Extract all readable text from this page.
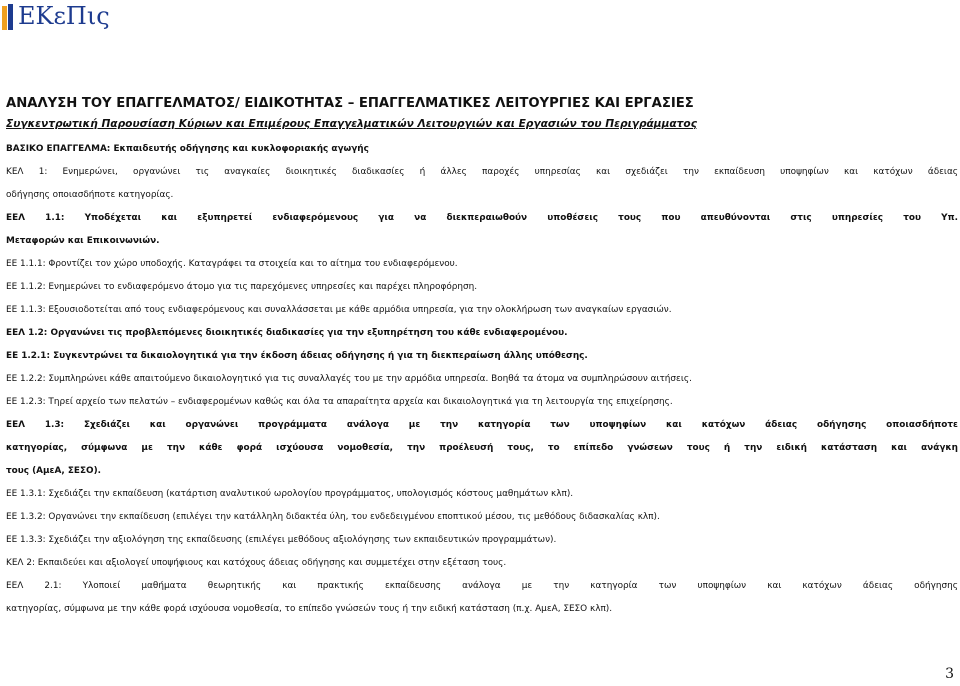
ΕΚεΠις
ΑΝΑΛΥΣΗ ΤΟΥ ΕΠΑΓΓΕΛΜΑΤΟΣ/ ΕΙΔΙΚΟΤΗΤΑΣ – ΕΠΑΓΓΕΛΜΑΤΙΚΕΣ ΛΕΙΤΟΥΡΓΙΕΣ ΚΑΙ ΕΡΓΑΣΙΕΣ
Συγκεντρωτική Παρουσίαση Κύριων και Επιμέρους Επαγγελματικών Λειτουργιών και Εργασιών του Περιγράμματος
ΒΑΣΙΚΟ ΕΠΑΓΓΕΛΜΑ: Εκπαιδευτής οδήγησης και κυκλοφοριακής αγωγής
ΚΕΛ 1: Ενημερώνει, οργανώνει τις αναγκαίες διοικητικές διαδικασίες ή άλλες παροχές υπηρεσίας και σχεδιάζει την εκπαίδευση υποψηφίων και κατόχων άδειας
οδήγησης οποιασδήποτε κατηγορίας.
ΕΕΛ 1.1: Υποδέχεται και εξυπηρετεί ενδιαφερόμενους για να διεκπεραιωθούν υποθέσεις τους που απευθύνονται στις υπηρεσίες του Υπ.
Μεταφορών και Επικοινωνιών.
ΕΕ 1.1.1: Φροντίζει τον χώρο υποδοχής. Καταγράφει τα στοιχεία και το αίτημα του ενδιαφερόμενου.
ΕΕ 1.1.2: Ενημερώνει το ενδιαφερόμενο άτομο για τις παρεχόμενες υπηρεσίες και παρέχει πληροφόρηση.
ΕΕ 1.1.3: Εξουσιοδοτείται από τους ενδιαφερόμενους και συναλλάσσεται με κάθε αρμόδια υπηρεσία, για την ολοκλήρωση των αναγκαίων εργασιών.
ΕΕΛ 1.2: Οργανώνει τις προβλεπόμενες διοικητικές διαδικασίες για την εξυπηρέτηση του κάθε ενδιαφερομένου.
ΕΕ 1.2.1: Συγκεντρώνει τα δικαιολογητικά για την έκδοση άδειας οδήγησης ή για τη διεκπεραίωση άλλης υπόθεσης.
ΕΕ 1.2.2: Συμπληρώνει κάθε απαιτούμενο δικαιολογητικό για τις συναλλαγές του με την αρμόδια υπηρεσία. Βοηθά τα άτομα να συμπληρώσουν αιτήσεις.
ΕΕ 1.2.3: Τηρεί αρχείο των πελατών – ενδιαφερομένων καθώς και όλα τα απαραίτητα αρχεία και δικαιολογητικά για τη λειτουργία της επιχείρησης.
ΕΕΛ 1.3: Σχεδιάζει και οργανώνει προγράμματα ανάλογα με την κατηγορία των υποψηφίων και κατόχων άδειας οδήγησης οποιασδήποτε
κατηγορίας, σύμφωνα με την κάθε φορά ισχύουσα νομοθεσία, την προέλευσή τους, το επίπεδο γνώσεων τους ή την ειδική κατάσταση και ανάγκη
τους (ΑμεΑ, ΣΕΣΟ).
ΕΕ 1.3.1: Σχεδιάζει την εκπαίδευση (κατάρτιση αναλυτικού ωρολογίου προγράμματος, υπολογισμός κόστους μαθημάτων κλπ).
ΕΕ 1.3.2: Οργανώνει την εκπαίδευση (επιλέγει την κατάλληλη διδακτέα ύλη, του ενδεδειγμένου εποπτικού μέσου, τις μεθόδους διδασκαλίας κλπ).
ΕΕ 1.3.3: Σχεδιάζει την αξιολόγηση της εκπαίδευσης (επιλέγει μεθόδους αξιολόγησης των εκπαιδευτικών προγραμμάτων).
ΚΕΛ 2: Εκπαιδεύει και αξιολογεί υποψήφιους και κατόχους άδειας οδήγησης και συμμετέχει στην εξέταση τους.
ΕΕΛ 2.1: Υλοποιεί μαθήματα θεωρητικής και πρακτικής εκπαίδευσης ανάλογα με την κατηγορία των υποψηφίων και κατόχων άδειας οδήγησης
κατηγορίας, σύμφωνα με την κάθε φορά ισχύουσα νομοθεσία, το επίπεδο γνώσεών τους ή την ειδική κατάσταση (π.χ. ΑμεΑ, ΣΕΣΟ κλπ).
3
